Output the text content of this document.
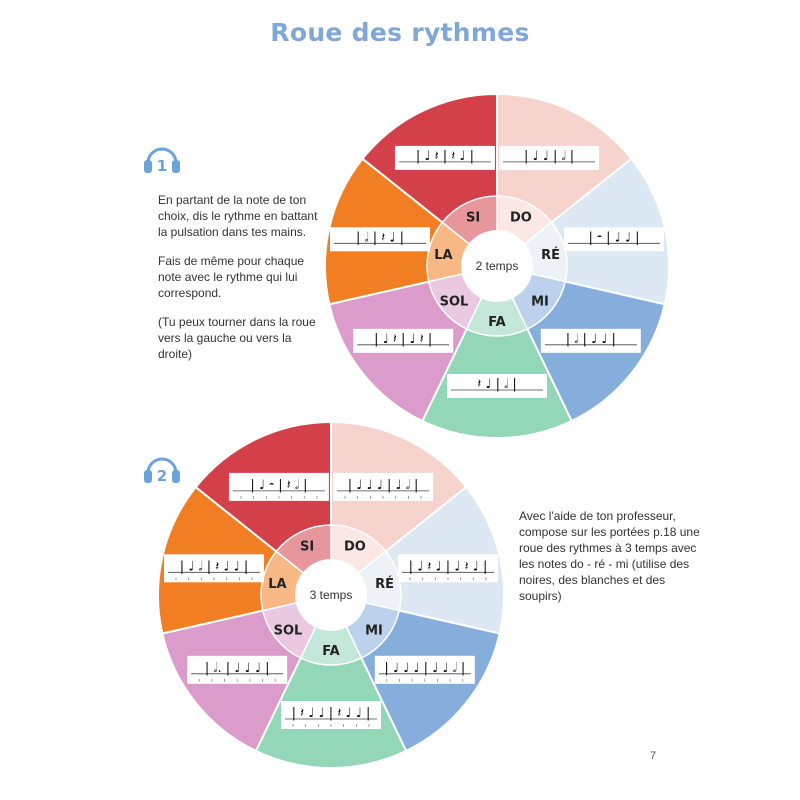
Roue des rythmes
1

En partant de la note de ton choix, dis le rythme en battant la pulsation dans tes mains.

Fais de même pour chaque note avec le rythme qui lui correspond.

(Tu peux tourner dans la roue vers la gauche ou vers la droite)

2 temps
DO
RÉ
MI
FA
SOL
LA
SI
| ♩ ♩ | 𝅗𝅥 |
| 𝄼 | ♩ ♩ |
| 𝅗𝅥 | ♩ ♩ |
𝄽 ♩ | 𝅗𝅥 |
| ♩ 𝄽 | ♩ 𝄽 |
| 𝅗𝅥 | 𝄽 ♩ |
| ♩ 𝄽 | 𝄽 ♩ |
2
3 temps
DO
RÉ
MI
FA
SOL
LA
SI
| ♩ ♩ ♩ | ♩ 𝅗𝅥 |
| ♩ 𝄽 ♩ | ♩ 𝄽 ♩ |
| ♩ ♩ ♩ | ♩ ♩ 𝅗𝅥 |
| 𝄽 ♩ ♩ | 𝄽 ♩ ♩ |
| 𝅗𝅥. | ♩ ♩ ♩ |
| ♩ 𝅗𝅥 | 𝄽 ♩ ♩ |
| ♩ 𝄼 | 𝄽 𝅗𝅥 |

Avec l'aide de ton professeur, compose sur les portées p.18 une roue des rythmes à 3 temps avec les notes do - ré - mi (utilise des noires, des blanches et des soupirs)

7
